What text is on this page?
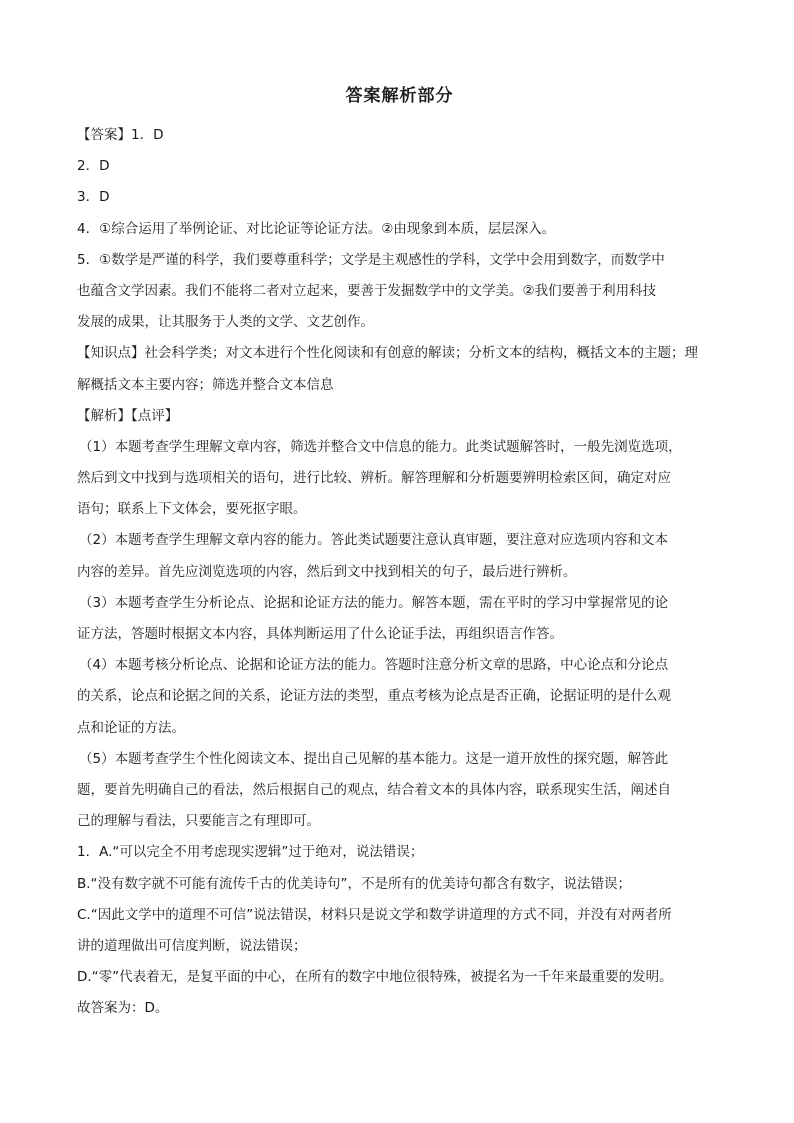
答案解析部分
【答案】1．D
2．D
3．D
4．①综合运用了举例论证、对比论证等论证方法。②由现象到本质，层层深入。
5．①数学是严谨的科学，我们要尊重科学；文学是主观感性的学科，文学中会用到数字，而数学中
也蕴含文学因素。我们不能将二者对立起来，要善于发掘数学中的文学美。②我们要善于利用科技
发展的成果，让其服务于人类的文学、文艺创作。
【知识点】社会科学类；对文本进行个性化阅读和有创意的解读；分析文本的结构，概括文本的主题；理
解概括文本主要内容；筛选并整合文本信息
【解析】【点评】
（1）本题考查学生理解文章内容，筛选并整合文中信息的能力。此类试题解答时，一般先浏览选项，
然后到文中找到与选项相关的语句，进行比较、辨析。解答理解和分析题要辨明检索区间，确定对应
语句；联系上下文体会，要死抠字眼。
（2）本题考查学生理解文章内容的能力。答此类试题要注意认真审题，要注意对应选项内容和文本
内容的差异。首先应浏览选项的内容，然后到文中找到相关的句子，最后进行辨析。
（3）本题考查学生分析论点、论据和论证方法的能力。解答本题，需在平时的学习中掌握常见的论
证方法，答题时根据文本内容，具体判断运用了什么论证手法，再组织语言作答。
（4）本题考核分析论点、论据和论证方法的能力。答题时注意分析文章的思路，中心论点和分论点
的关系，论点和论据之间的关系，论证方法的类型，重点考核为论点是否正确，论据证明的是什么观
点和论证的方法。
（5）本题考查学生个性化阅读文本、提出自己见解的基本能力。这是一道开放性的探究题，解答此
题，要首先明确自己的看法，然后根据自己的观点，结合着文本的具体内容，联系现实生活，阐述自
己的理解与看法，只要能言之有理即可。
1．A.“可以完全不用考虑现实逻辑”过于绝对，说法错误；
B.“没有数字就不可能有流传千古的优美诗句”，不是所有的优美诗句都含有数字，说法错误；
C.“因此文学中的道理不可信”说法错误，材料只是说文学和数学讲道理的方式不同，并没有对两者所
讲的道理做出可信度判断，说法错误；
D.“零”代表着无，是复平面的中心，在所有的数字中地位很特殊，被提名为一千年来最重要的发明。
故答案为：D。
